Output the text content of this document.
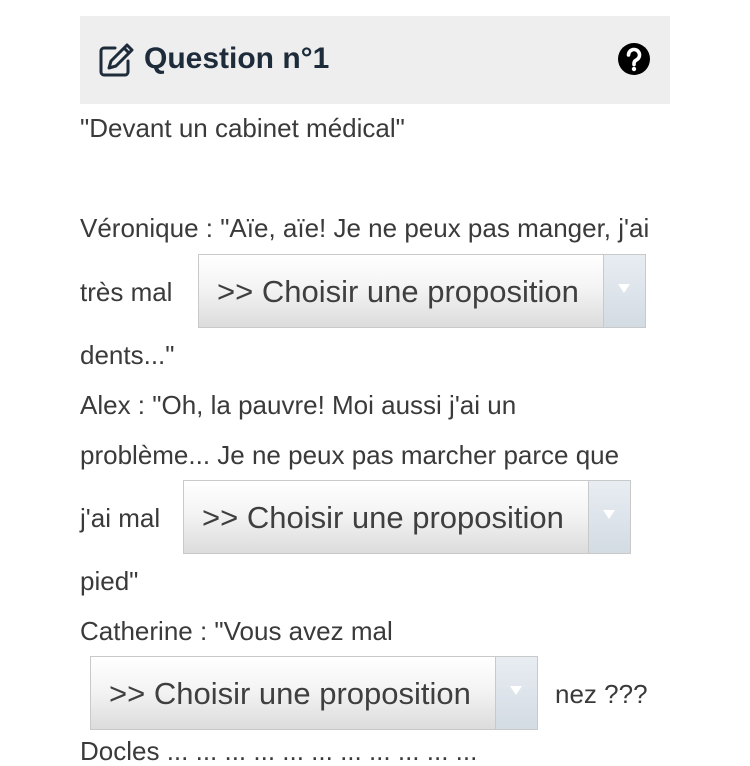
Question n°1
"Devant un cabinet médical"
Véronique : "Aïe, aïe! Je ne peux pas manger, j'ai
très mal >> Choisir une proposition
dents..."
Alex : "Oh, la pauvre! Moi aussi j'ai un
problème... Je ne peux pas marcher parce que
j'ai mal >> Choisir une proposition
pied"
Catherine : "Vous avez mal
>> Choisir une proposition	nez ???
Docles ... ... ... ... ... ... ... ... ... ... ...
